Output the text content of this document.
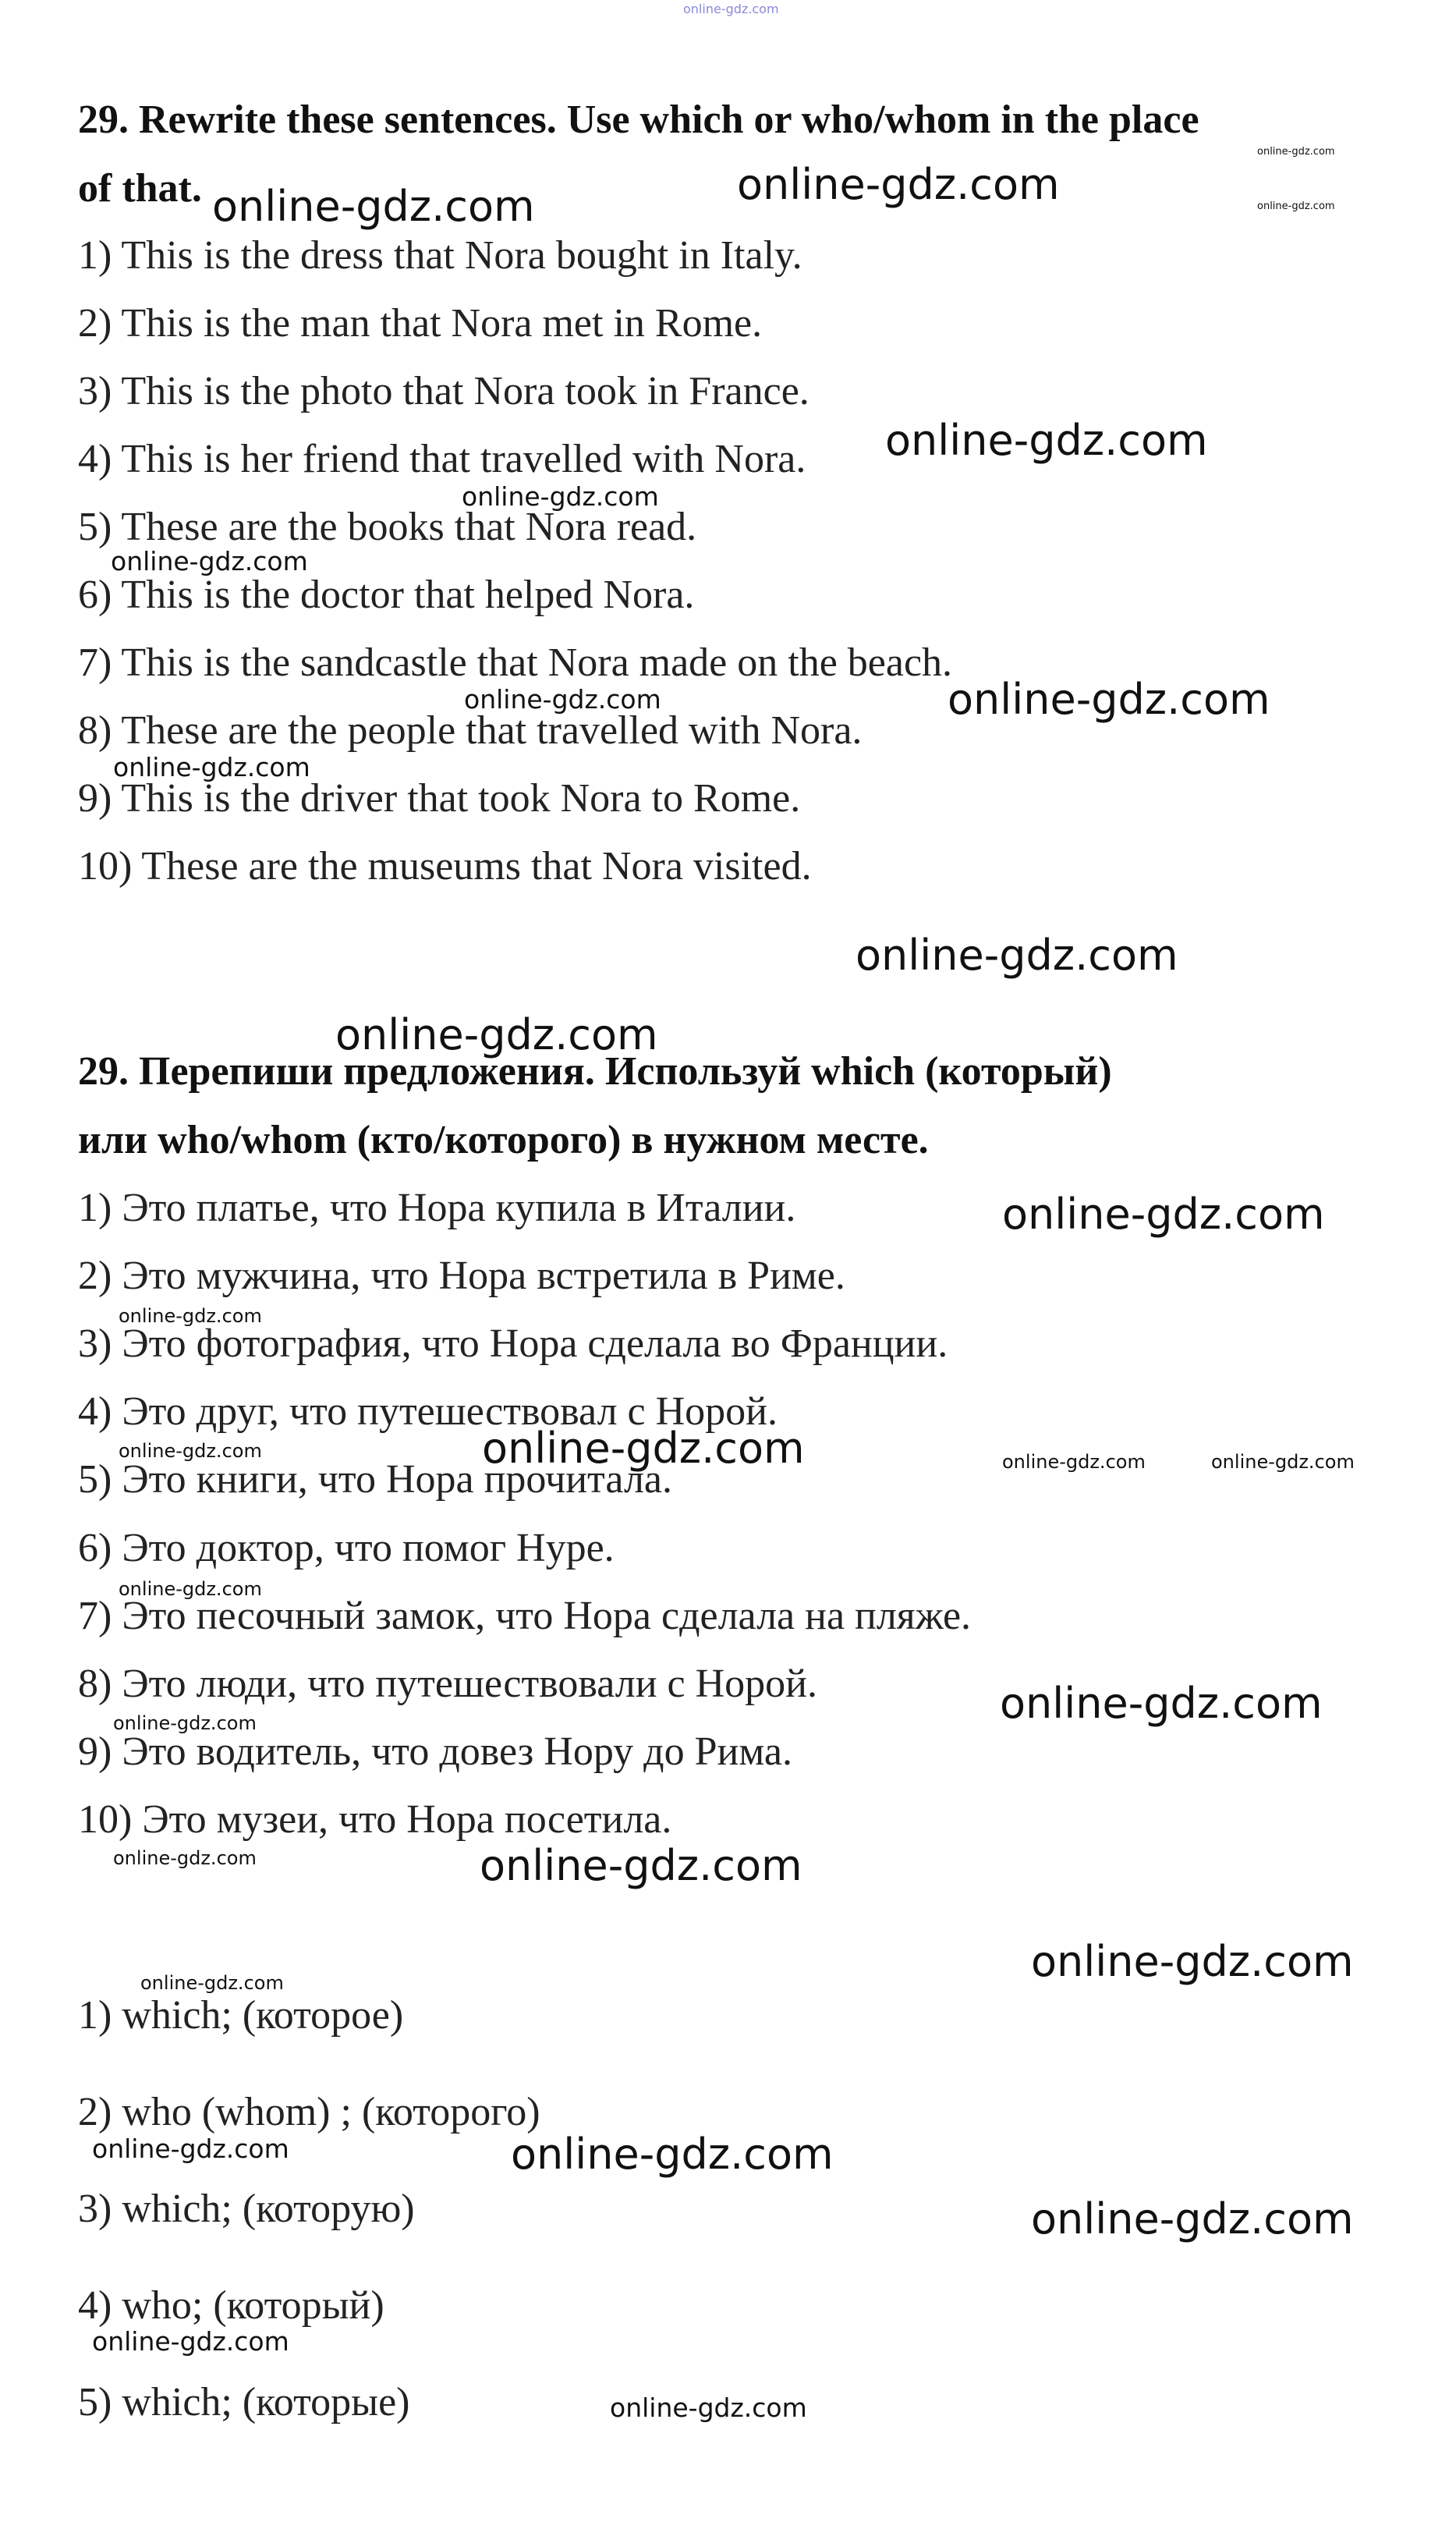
online-gdz.com
29. Rewrite these sentences. Use which or who/whom in the place
of that.
1) This is the dress that Nora bought in Italy.
2) This is the man that Nora met in Rome.
3) This is the photo that Nora took in France.
4) This is her friend that travelled with Nora.
5) These are the books that Nora read.
6) This is the doctor that helped Nora.
7) This is the sandcastle that Nora made on the beach.
8) These are the people that travelled with Nora.
9) This is the driver that took Nora to Rome.
10) These are the museums that Nora visited.
29. Перепиши предложения. Используй which (который)
или who/whom (кто/которого) в нужном месте.
1) Это платье, что Нора купила в Италии.
2) Это мужчина, что Нора встретила в Риме.
3) Это фотография, что Нора сделала во Франции.
4) Это друг, что путешествовал с Норой.
5) Это книги, что Нора прочитала.
6) Это доктор, что помог Нуре.
7) Это песочный замок, что Нора сделала на пляже.
8) Это люди, что путешествовали с Норой.
9) Это водитель, что довез Нору до Рима.
10) Это музеи, что Нора посетила.
1) which; (которое)
2) who (whom) ; (которого)
3) which; (которую)
4) who; (который)
5) which; (которые)
online-gdz.com
online-gdz.com
online-gdz.com	online-gdz.com
online-gdz.com
online-gdz.com
online-gdz.com
online-gdz.com	online-gdz.com
online-gdz.com
online-gdz.com
online-gdz.com
online-gdz.com
online-gdz.com
online-gdz.com	online-gdz.com	online-gdz.com	online-gdz.com
online-gdz.com
online-gdz.com
online-gdz.com
online-gdz.com	online-gdz.com
online-gdz.com
online-gdz.com
online-gdz.com	online-gdz.com
online-gdz.com
online-gdz.com
online-gdz.com
